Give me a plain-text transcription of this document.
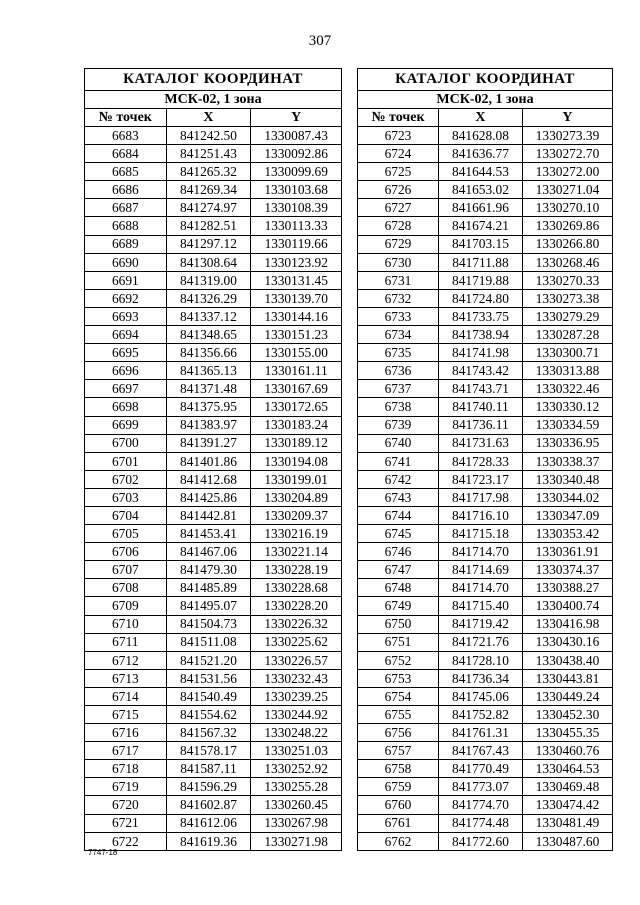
307
КАТАЛОГ КООРДИНАТ		
МСК-02, 1 зона		
№ точек	X	Y
6683	841242.50	1330087.43
6684	841251.43	1330092.86
6685	841265.32	1330099.69
6686	841269.34	1330103.68
6687	841274.97	1330108.39
6688	841282.51	1330113.33
6689	841297.12	1330119.66
6690	841308.64	1330123.92
6691	841319.00	1330131.45
6692	841326.29	1330139.70
6693	841337.12	1330144.16
6694	841348.65	1330151.23
6695	841356.66	1330155.00
6696	841365.13	1330161.11
6697	841371.48	1330167.69
6698	841375.95	1330172.65
6699	841383.97	1330183.24
6700	841391.27	1330189.12
6701	841401.86	1330194.08
6702	841412.68	1330199.01
6703	841425.86	1330204.89
6704	841442.81	1330209.37
6705	841453.41	1330216.19
6706	841467.06	1330221.14
6707	841479.30	1330228.19
6708	841485.89	1330228.68
6709	841495.07	1330228.20
6710	841504.73	1330226.32
6711	841511.08	1330225.62
6712	841521.20	1330226.57
6713	841531.56	1330232.43
6714	841540.49	1330239.25
6715	841554.62	1330244.92
6716	841567.32	1330248.22
6717	841578.17	1330251.03
6718	841587.11	1330252.92
6719	841596.29	1330255.28
6720	841602.87	1330260.45
6721	841612.06	1330267.98
6722	841619.36	1330271.98
КАТАЛОГ КООРДИНАТ		
МСК-02, 1 зона		
№ точек	X	Y
6723	841628.08	1330273.39
6724	841636.77	1330272.70
6725	841644.53	1330272.00
6726	841653.02	1330271.04
6727	841661.96	1330270.10
6728	841674.21	1330269.86
6729	841703.15	1330266.80
6730	841711.88	1330268.46
6731	841719.88	1330270.33
6732	841724.80	1330273.38
6733	841733.75	1330279.29
6734	841738.94	1330287.28
6735	841741.98	1330300.71
6736	841743.42	1330313.88
6737	841743.71	1330322.46
6738	841740.11	1330330.12
6739	841736.11	1330334.59
6740	841731.63	1330336.95
6741	841728.33	1330338.37
6742	841723.17	1330340.48
6743	841717.98	1330344.02
6744	841716.10	1330347.09
6745	841715.18	1330353.42
6746	841714.70	1330361.91
6747	841714.69	1330374.37
6748	841714.70	1330388.27
6749	841715.40	1330400.74
6750	841719.42	1330416.98
6751	841721.76	1330430.16
6752	841728.10	1330438.40
6753	841736.34	1330443.81
6754	841745.06	1330449.24
6755	841752.82	1330452.30
6756	841761.31	1330455.35
6757	841767.43	1330460.76
6758	841770.49	1330464.53
6759	841773.07	1330469.48
6760	841774.70	1330474.42
6761	841774.48	1330481.49
6762	841772.60	1330487.60
7747-18
